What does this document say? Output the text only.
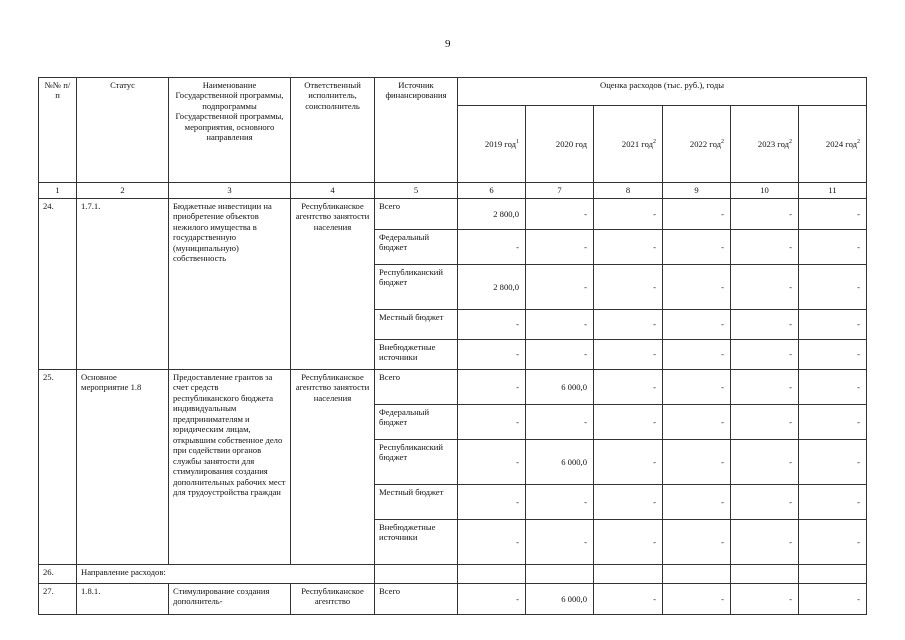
9
№№ п/п	Статус	Наименование Государственной программы, подпрограммы Государственной программы, мероприятия, основного направления	Ответственный исполнитель, соисполнитель	Источник финансирования	Оценка расходов (тыс. руб.), годы					
					2019 год$^1$	2020 год	2021 год$^2$	2022 год$^2$	2023 год$^2$	2024 год$^2$
1	2	3	4	5	6	7	8	9	10	11
24.	1.7.1.	Бюджетные инвестиции на приобретение объектов нежилого имущества в государственную (муниципальную) собственность	Республиканское агентство занятости населения	Всего	2 800,0	-	-	-	-	-
				Федеральный бюджет	-	-	-	-	-	-
				Республиканский бюджет	2 800,0	-	-	-	-	-
				Местный бюджет	-	-	-	-	-	-
				Внебюджетные источники	-	-	-	-	-	-
25.	Основное мероприятие 1.8	Предоставление грантов за счет средств республиканского бюджета индивидуальным предпринимателям и юридическим лицам, открывшим собственное дело при содействии органов службы занятости для стимулирования создания дополнительных рабочих мест для трудоустройства граждан	Республиканское агентство занятости населения	Всего	-	6 000,0	-	-	-	-
				Федеральный бюджет	-	-	-	-	-	-
				Республиканский бюджет	-	6 000,0	-	-	-	-
				Местный бюджет	-	-	-	-	-	-
				Внебюджетные источники	-	-	-	-	-	-
26.	Направление расходов:									
27.	1.8.1.	Стимулирование создания дополнитель-	Республиканское агентство	Всего	-	6 000,0	-	-	-	-
